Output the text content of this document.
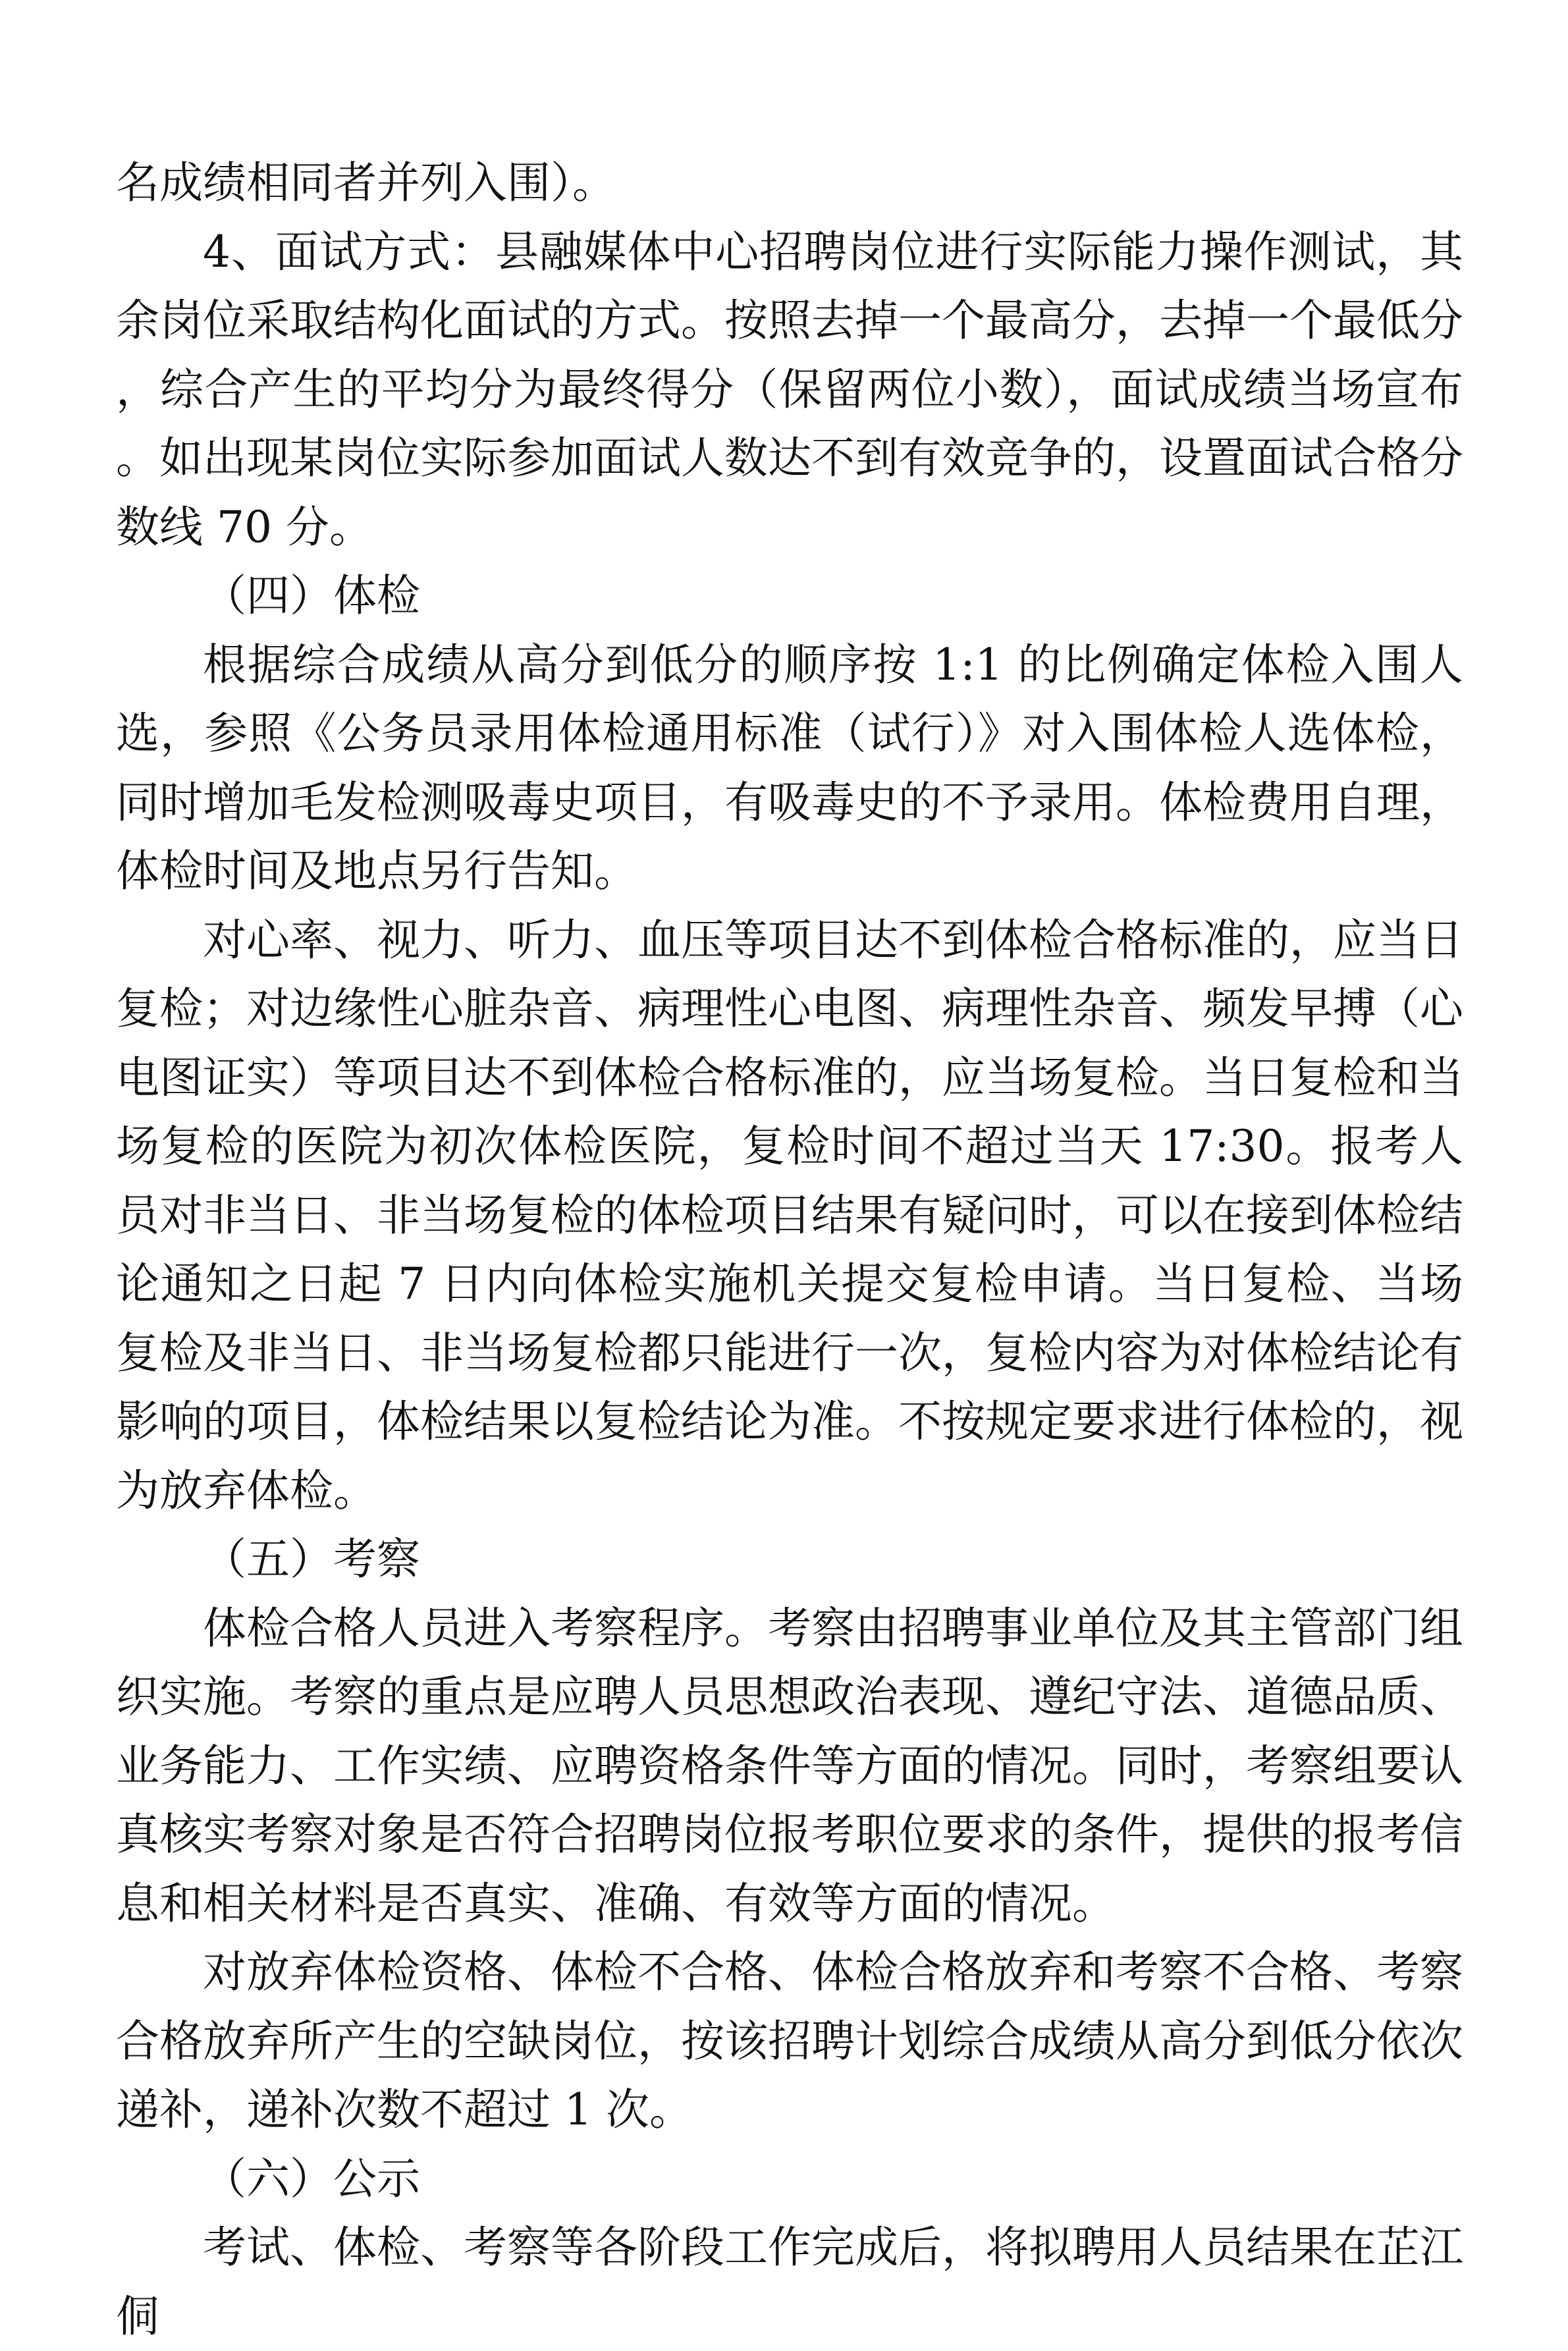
名成绩相同者并列入围）。

4、面试方式：县融媒体中心招聘岗位进行实际能力操作测试，其余岗位采取结构化面试的方式。按照去掉一个最高分，去掉一个最低分，综合产生的平均分为最终得分（保留两位小数），面试成绩当场宣布。如出现某岗位实际参加面试人数达不到有效竞争的，设置面试合格分数线 70 分。

（四）体检

根据综合成绩从高分到低分的顺序按 1:1 的比例确定体检入围人选，参照《公务员录用体检通用标准（试行）》对入围体检人选体检，同时增加毛发检测吸毒史项目，有吸毒史的不予录用。体检费用自理，体检时间及地点另行告知。

对心率、视力、听力、血压等项目达不到体检合格标准的，应当日复检；对边缘性心脏杂音、病理性心电图、病理性杂音、频发早搏（心电图证实）等项目达不到体检合格标准的，应当场复检。当日复检和当场复检的医院为初次体检医院，复检时间不超过当天 17:30。报考人员对非当日、非当场复检的体检项目结果有疑问时，可以在接到体检结论通知之日起 7 日内向体检实施机关提交复检申请。当日复检、当场复检及非当日、非当场复检都只能进行一次，复检内容为对体检结论有影响的项目，体检结果以复检结论为准。不按规定要求进行体检的，视为放弃体检。

（五）考察

体检合格人员进入考察程序。考察由招聘事业单位及其主管部门组织实施。考察的重点是应聘人员思想政治表现、遵纪守法、道德品质、业务能力、工作实绩、应聘资格条件等方面的情况。同时，考察组要认真核实考察对象是否符合招聘岗位报考职位要求的条件，提供的报考信息和相关材料是否真实、准确、有效等方面的情况。

对放弃体检资格、体检不合格、体检合格放弃和考察不合格、考察合格放弃所产生的空缺岗位，按该招聘计划综合成绩从高分到低分依次递补，递补次数不超过 1 次。

（六）公示

考试、体检、考察等各阶段工作完成后，将拟聘用人员结果在芷江侗
